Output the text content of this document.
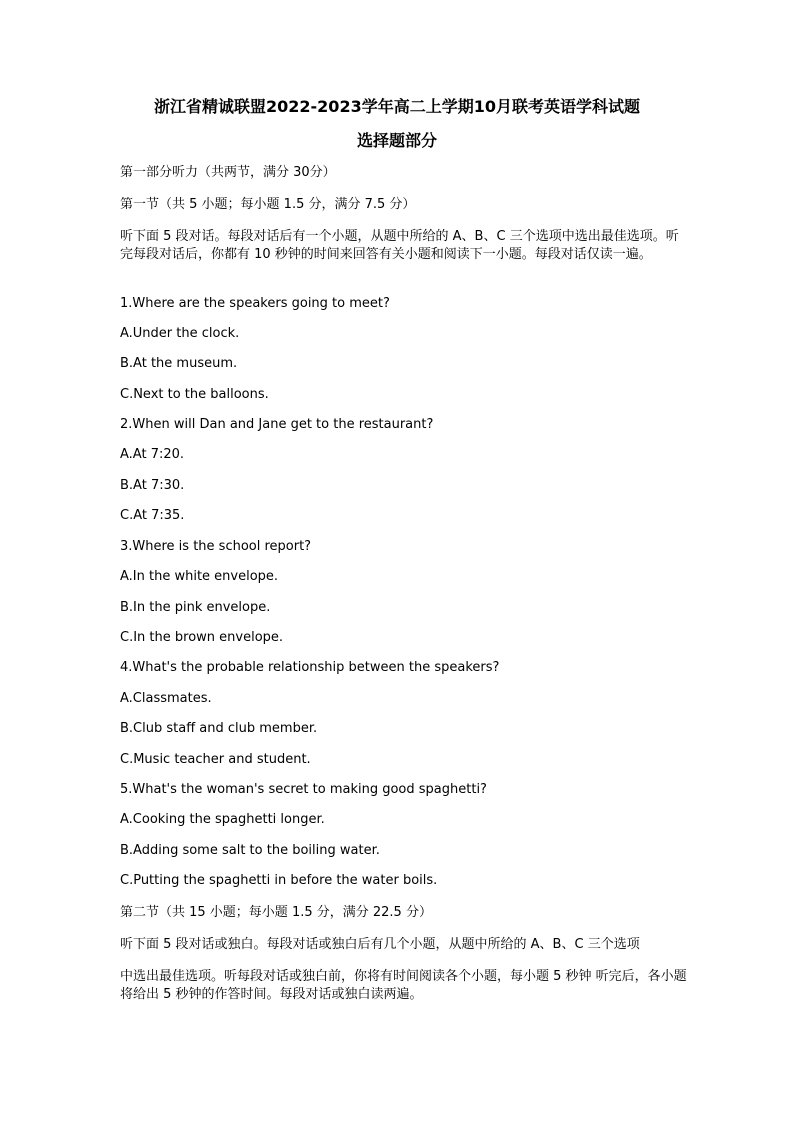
浙江省精诚联盟2022-2023学年高二上学期10月联考英语学科试题
选择题部分
第一部分听力（共两节，满分 30分）
第一节（共 5 小题；每小题 1.5 分，满分 7.5 分）
听下面 5 段对话。每段对话后有一个小题，从题中所给的 A、B、C 三个选项中选出最佳选项。听完每段对话后，你都有 10 秒钟的时间来回答有关小题和阅读下一小题。每段对话仅读一遍。
1.Where are the speakers going to meet?
A.Under the clock.
B.At the museum.
C.Next to the balloons.
2.When will Dan and Jane get to the restaurant?
A.At 7:20.
B.At 7:30.
C.At 7:35.
3.Where is the school report?
A.In the white envelope.
B.In the pink envelope.
C.In the brown envelope.
4.What's the probable relationship between the speakers?
A.Classmates.
B.Club staff and club member.
C.Music teacher and student.
5.What's the woman's secret to making good spaghetti?
A.Cooking the spaghetti longer.
B.Adding some salt to the boiling water.
C.Putting the spaghetti in before the water boils.
第二节（共 15 小题；每小题 1.5 分，满分 22.5 分）
听下面 5 段对话或独白。每段对话或独白后有几个小题，从题中所给的 A、B、C 三个选项
中选出最佳选项。听每段对话或独白前，你将有时间阅读各个小题，每小题 5 秒钟 听完后，各小题将给出 5 秒钟的作答时间。每段对话或独白读两遍。
